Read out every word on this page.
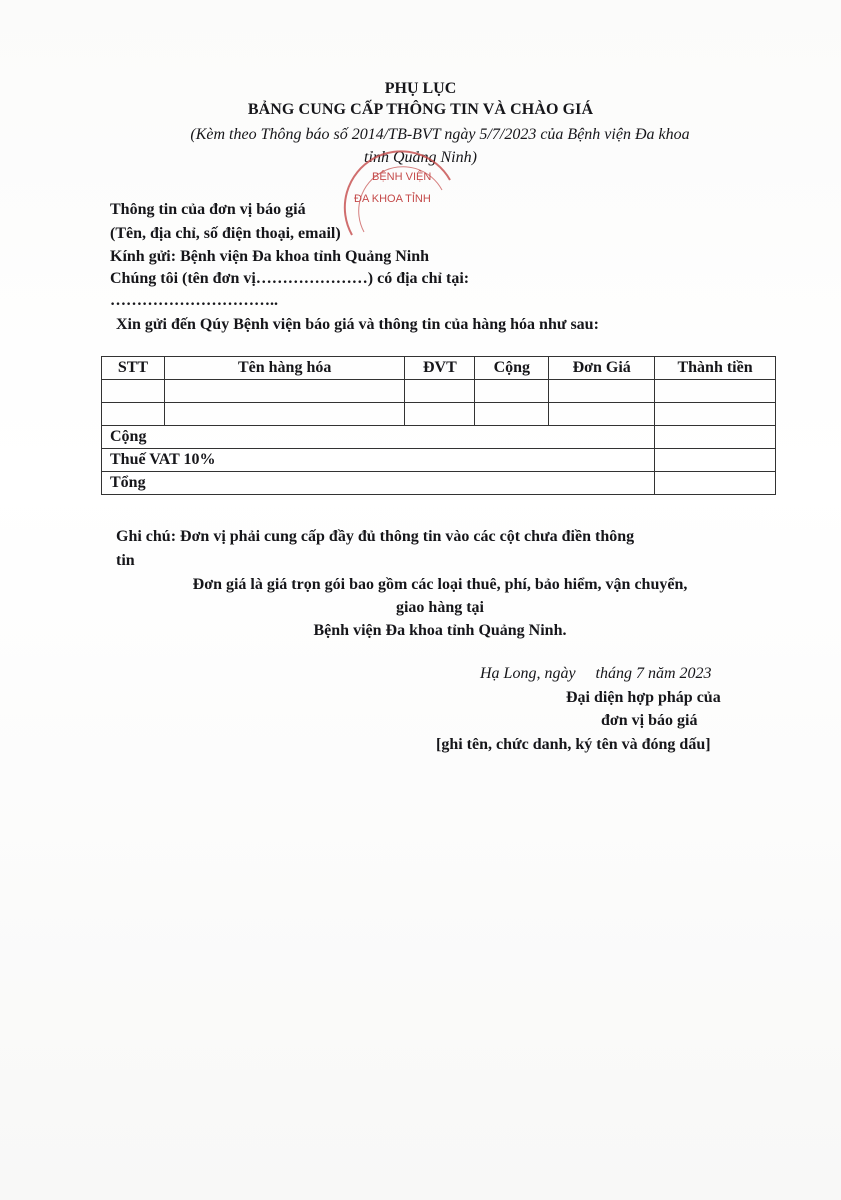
PHỤ LỤC
BẢNG CUNG CẤP THÔNG TIN VÀ CHÀO GIÁ
(Kèm theo Thông báo số 2014/TB-BVT ngày 5/7/2023 của Bệnh viện Đa khoa
tỉnh Quảng Ninh)
BỆNH VIỆN
ĐA KHOA TỈNH
Thông tin của đơn vị báo giá
(Tên, địa chỉ, số điện thoại, email)
Kính gửi: Bệnh viện Đa khoa tỉnh Quảng Ninh
Chúng tôi (tên đơn vị…………………) có địa chỉ tại:
…………………………..
Xin gửi đến Qúy Bệnh viện báo giá và thông tin của hàng hóa như sau:
STT	Tên hàng hóa	ĐVT	Cộng	Đơn Giá	Thành tiền

Cộng					
Thuế VAT 10%					
Tổng					
Ghi chú: Đơn vị phải cung cấp đầy đủ thông tin vào các cột chưa điền thông
tin
Đơn giá là giá trọn gói bao gồm các loại thuê, phí, bảo hiểm, vận chuyển,
giao hàng tại
Bệnh viện Đa khoa tỉnh Quảng Ninh.
Hạ Long, ngày     tháng 7 năm 2023
Đại diện hợp pháp của
đơn vị báo giá
[ghi tên, chức danh, ký tên và đóng dấu]
